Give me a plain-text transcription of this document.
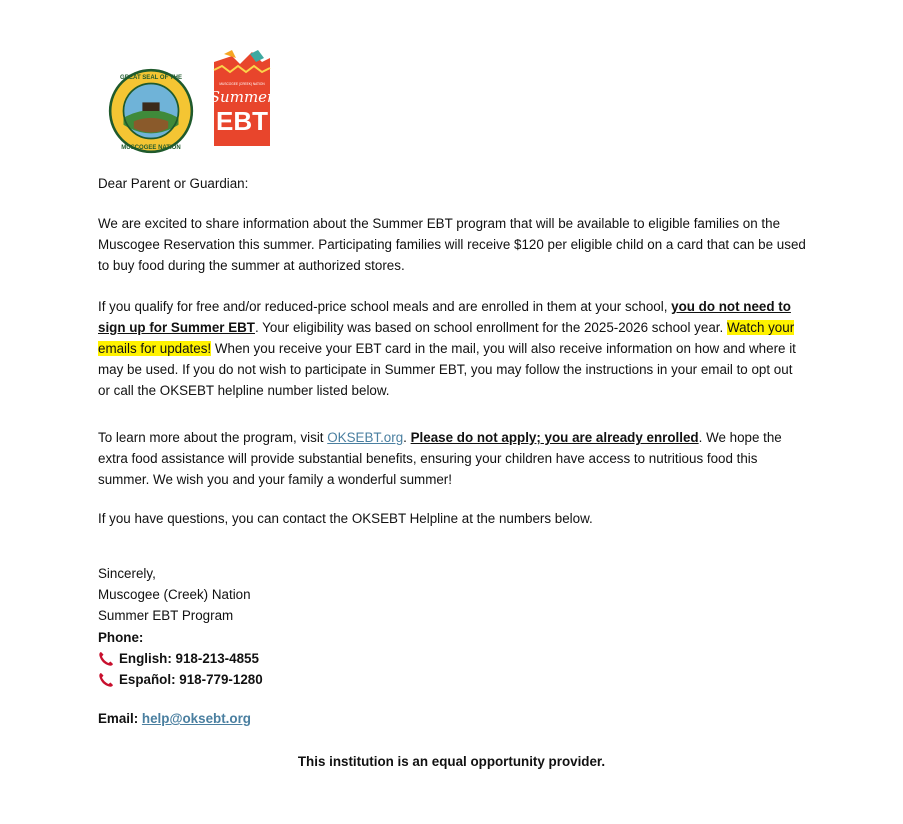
GREAT SEAL OF THE
MUSCOGEE NATION
MUSCOGEE (CREEK) NATION
Summer
EBT

Dear Parent or Guardian:

We are excited to share information about the Summer EBT program that will be available to eligible families on the Muscogee Reservation this summer. Participating families will receive $120 per eligible child on a card that can be used to buy food during the summer at authorized stores.

If you qualify for free and/or reduced-price school meals and are enrolled in them at your school, you do not need to sign up for Summer EBT. Your eligibility was based on school enrollment for the 2025-2026 school year. Watch your emails for updates! When you receive your EBT card in the mail, you will also receive information on how and where it may be used. If you do not wish to participate in Summer EBT, you may follow the instructions in your email to opt out or call the OKSEBT helpline number listed below.

To learn more about the program, visit OKSEBT.org. Please do not apply; you are already enrolled. We hope the extra food assistance will provide substantial benefits, ensuring your children have access to nutritious food this summer. We wish you and your family a wonderful summer!

If you have questions, you can contact the OKSEBT Helpline at the numbers below.

Sincerely,
Muscogee (Creek) Nation
Summer EBT Program
Phone:
English: 918-213-4855
Español: 918-779-1280
Email: help@oksebt.org
This institution is an equal opportunity provider.
